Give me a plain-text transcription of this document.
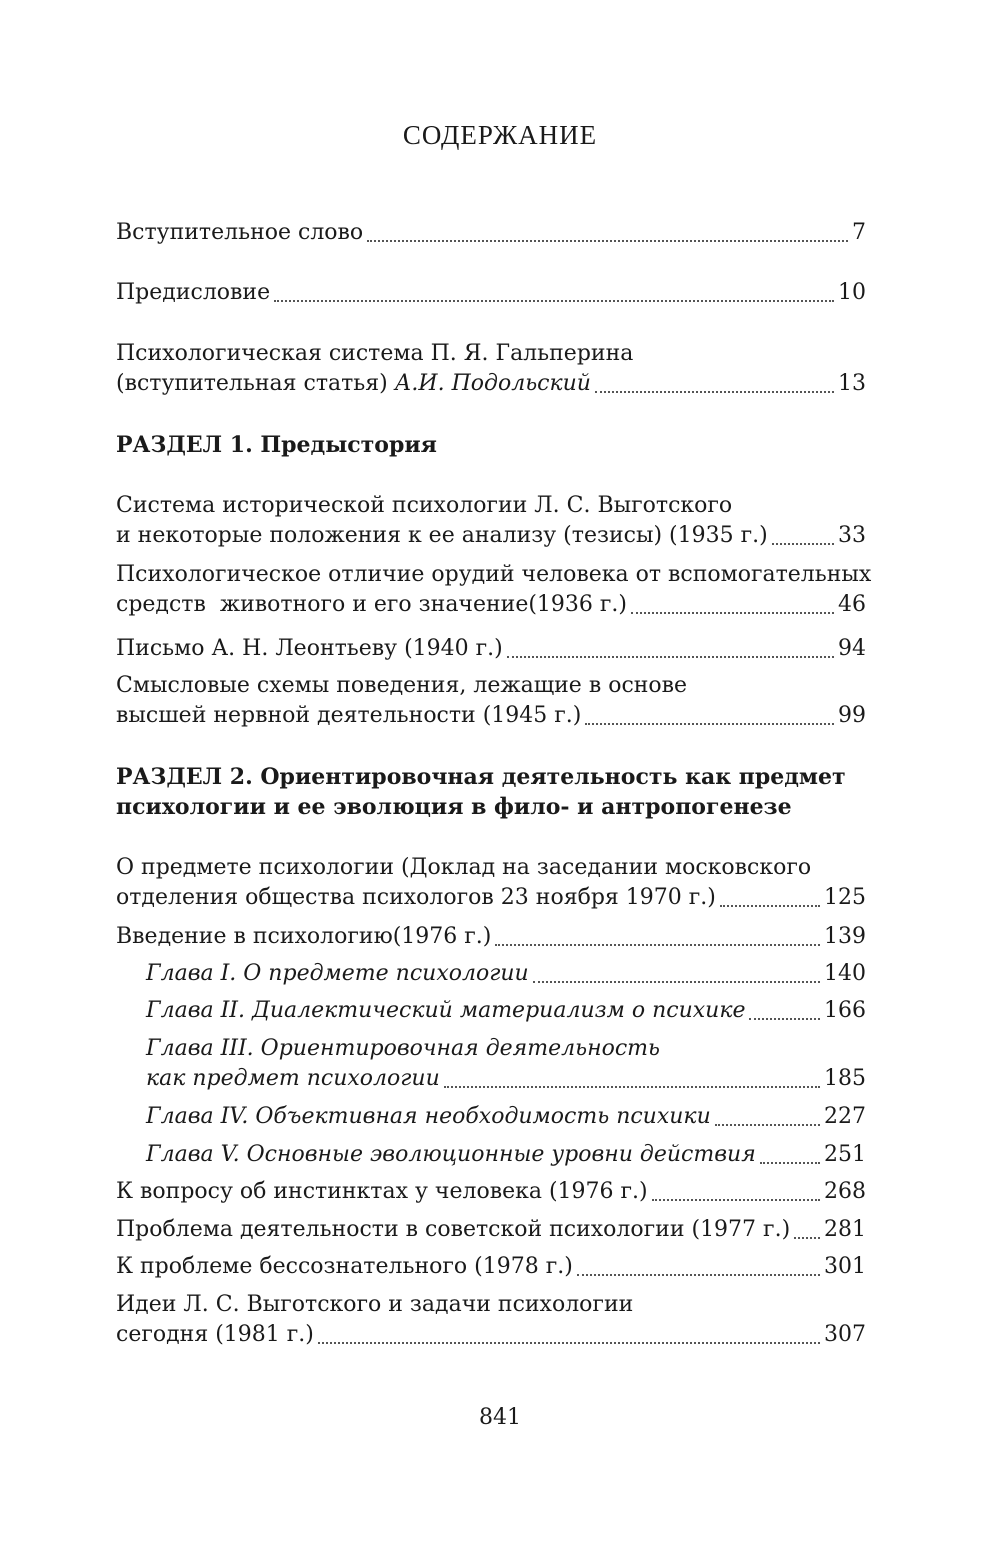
СОДЕРЖАНИЕ
Вступительное слово	7
Предисловие	10
Психологическая система П. Я. Гальперина
(вступительная статья) А.И. Подольский	13
РАЗДЕЛ 1. Предыстория
Система исторической психологии Л. С. Выготского
и некоторые положения к ее анализу (тезисы) (1935 г.)	33
Психологическое отличие орудий человека от вспомогательных
средств  животного и его значение(1936 г.)	46
Письмо А. Н. Леонтьеву (1940 г.)	94
Смысловые схемы поведения, лежащие в основе
высшей нервной деятельности (1945 г.)	99
РАЗДЕЛ 2. Ориентировочная деятельность как предмет
психологии и ее эволюция в фило- и антропогенезе
О предмете психологии (Доклад на заседании московского
отделения общества психологов 23 ноября 1970 г.)	125
Введение в психологию(1976 г.)	139
Глава I. О предмете психологии	140
Глава II. Диалектический материализм о психике	166
Глава III. Ориентировочная деятельность
как предмет психологии	185
Глава IV. Объективная необходимость психики	227
Глава V. Основные эволюционные уровни действия	251
К вопросу об инстинктах у человека (1976 г.)	268
Проблема деятельности в советской психологии (1977 г.) 281
К проблеме бессознательного (1978 г.)	301
Идеи Л. С. Выготского и задачи психологии
сегодня (1981 г.)	307
841
